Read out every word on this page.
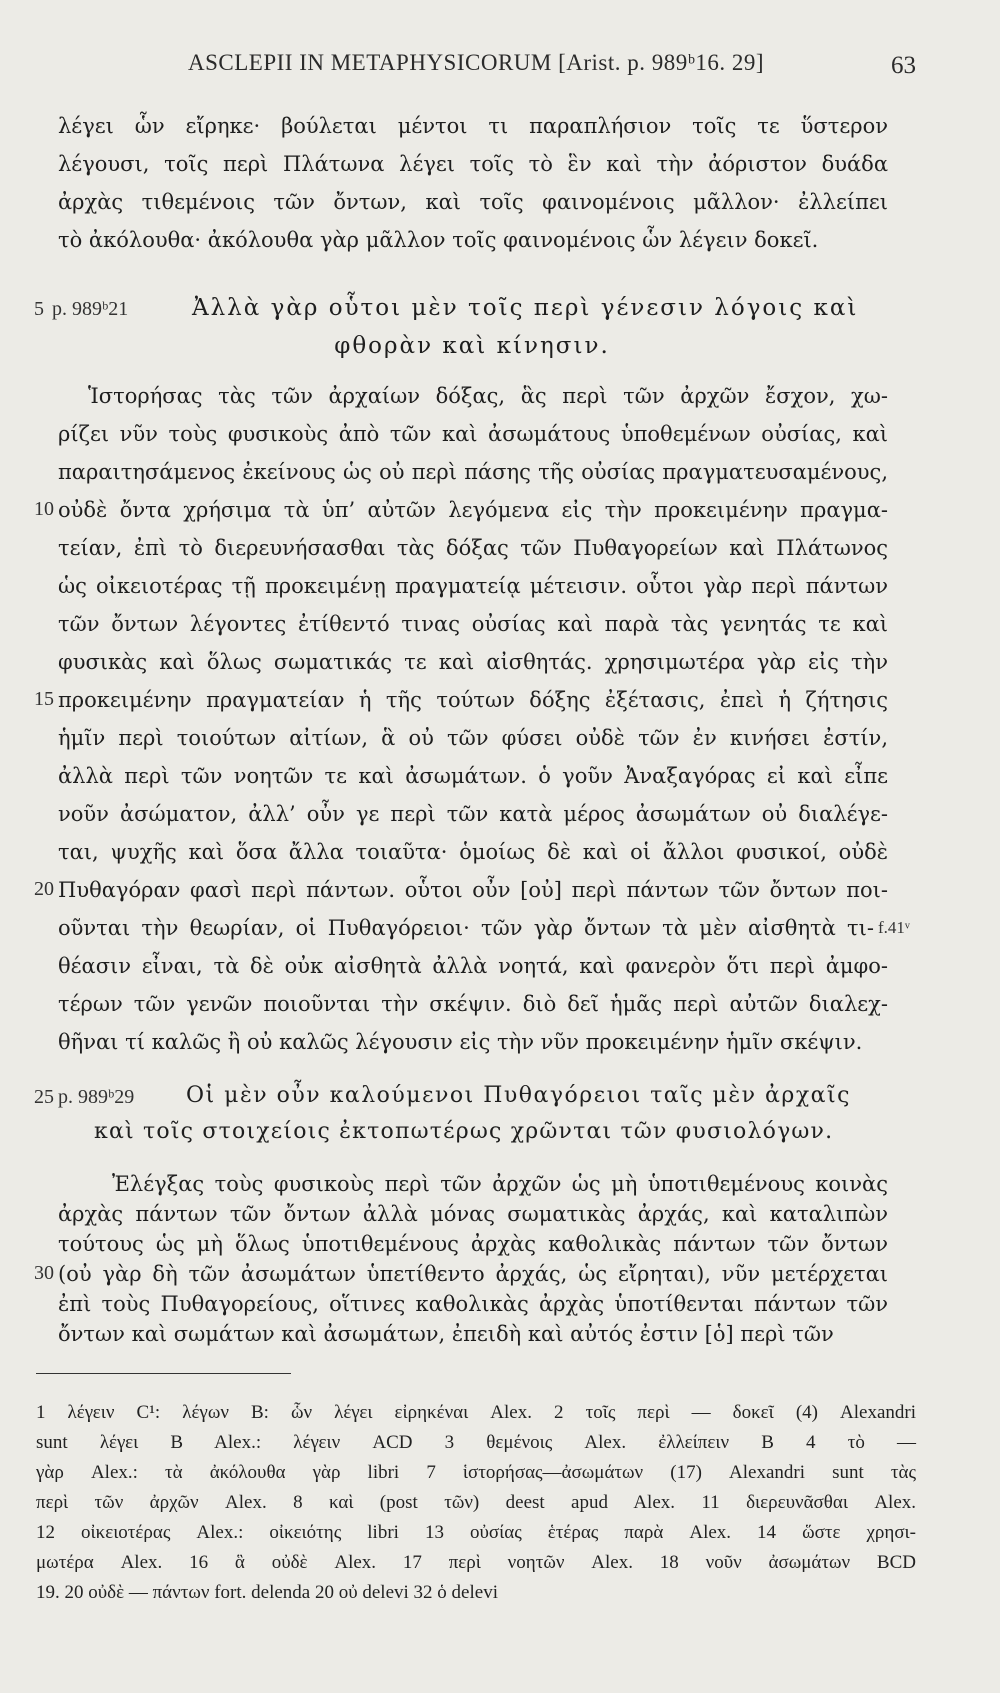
ASCLEPII IN METAPHYSICORUM [Arist. p. 989ᵇ16. 29]	63
λέγει ὧν εἴρηκε· βούλεται μέντοι τι παραπλήσιον τοῖς τε ὕστερον
λέγουσι, τοῖς περὶ Πλάτωνα λέγει τοῖς τὸ ἓν καὶ τὴν ἀόριστον δυάδα
ἀρχὰς τιθεμένοις τῶν ὄντων, καὶ τοῖς φαινομένοις μᾶλλον· ἐλλείπει
τὸ ἀκόλουθα· ἀκόλουθα γὰρ μᾶλλον τοῖς φαινομένοις ὧν λέγειν δοκεῖ.
5 p. 989ᵇ21	Ἀλλὰ γὰρ οὗτοι μὲν τοῖς περὶ γένεσιν λόγοις καὶ
φθορὰν καὶ κίνησιν.
Ἱστορήσας τὰς τῶν ἀρχαίων δόξας, ἃς περὶ τῶν ἀρχῶν ἔσχον, χω-
ρίζει νῦν τοὺς φυσικοὺς ἀπὸ τῶν καὶ ἀσωμάτους ὑποθεμένων οὐσίας, καὶ
παραιτησάμενος ἐκείνους ὡς οὐ περὶ πάσης τῆς οὐσίας πραγματευσαμένους,
10 οὐδὲ ὄντα χρήσιμα τὰ ὑπ’ αὐτῶν λεγόμενα εἰς τὴν προκειμένην πραγμα-
τείαν, ἐπὶ τὸ διερευνήσασθαι τὰς δόξας τῶν Πυθαγορείων καὶ Πλάτωνος
ὡς οἰκειοτέρας τῇ προκειμένῃ πραγματείᾳ μέτεισιν. οὗτοι γὰρ περὶ πάντων
τῶν ὄντων λέγοντες ἐτίθεντό τινας οὐσίας καὶ παρὰ τὰς γενητάς τε καὶ
φυσικὰς καὶ ὅλως σωματικάς τε καὶ αἰσθητάς. χρησιμωτέρα γὰρ εἰς τὴν
15 προκειμένην πραγματείαν ἡ τῆς τούτων δόξης ἐξέτασις, ἐπεὶ ἡ ζήτησις
ἡμῖν περὶ τοιούτων αἰτίων, ἃ οὐ τῶν φύσει οὐδὲ τῶν ἐν κινήσει ἐστίν,
ἀλλὰ περὶ τῶν νοητῶν τε καὶ ἀσωμάτων. ὁ γοῦν Ἀναξαγόρας εἰ καὶ εἶπε
νοῦν ἀσώματον, ἀλλ’ οὖν γε περὶ τῶν κατὰ μέρος ἀσωμάτων οὐ διαλέγε-
ται, ψυχῆς καὶ ὅσα ἄλλα τοιαῦτα· ὁμοίως δὲ καὶ οἱ ἄλλοι φυσικοί, οὐδὲ
20 Πυθαγόραν φασὶ περὶ πάντων. οὗτοι οὖν [οὐ] περὶ πάντων τῶν ὄντων ποι-
οῦνται τὴν θεωρίαν, οἱ Πυθαγόρειοι· τῶν γὰρ ὄντων τὰ μὲν αἰσθητὰ τι- f.41ᵛ
θέασιν εἶναι, τὰ δὲ οὐκ αἰσθητὰ ἀλλὰ νοητά, καὶ φανερὸν ὅτι περὶ ἀμφο-
τέρων τῶν γενῶν ποιοῦνται τὴν σκέψιν. διὸ δεῖ ἡμᾶς περὶ αὐτῶν διαλεχ-
θῆναι τί καλῶς ἢ οὐ καλῶς λέγουσιν εἰς τὴν νῦν προκειμένην ἡμῖν σκέψιν.
25 p. 989ᵇ29 Οἱ μὲν οὖν καλούμενοι Πυθαγόρειοι ταῖς μὲν ἀρχαῖς
καὶ τοῖς στοιχείοις ἐκτοπωτέρως χρῶνται τῶν φυσιολόγων.
Ἐλέγξας τοὺς φυσικοὺς περὶ τῶν ἀρχῶν ὡς μὴ ὑποτιθεμένους κοινὰς
ἀρχὰς πάντων τῶν ὄντων ἀλλὰ μόνας σωματικὰς ἀρχάς, καὶ καταλιπὼν
τούτους ὡς μὴ ὅλως ὑποτιθεμένους ἀρχὰς καθολικὰς πάντων τῶν ὄντων
30 (οὐ γὰρ δὴ τῶν ἀσωμάτων ὑπετίθεντο ἀρχάς, ὡς εἴρηται), νῦν μετέρχεται
1 λέγειν C¹: λέγων B: ὧν λέγει εἰρηκέναι Alex. 2 τοῖς περὶ — δοκεῖ (4) Alexandri
sunt λέγει B Alex.: λέγειν ACD 3 θεμένοις Alex. ἐλλείπειν B 4 τὸ —
γὰρ Alex.: τὰ ἀκόλουθα γὰρ libri 7 ἱστορήσας—ἀσωμάτων (17) Alexandri sunt τὰς
περὶ τῶν ἀρχῶν Alex. 8 καὶ (post τῶν) deest apud Alex. 11 διερευνᾶσθαι Alex.
12 οἰκειοτέρας Alex.: οἰκειότης libri 13 οὐσίας ἑτέρας παρὰ Alex. 14 ὥστε χρησι-
μωτέρα Alex. 16 ἃ οὐδὲ Alex. 17 περὶ νοητῶν Alex. 18 νοῦν ἀσωμάτων BCD
19. 20 οὐδὲ — πάντων fort. delenda 20 οὐ delevi 32 ὁ delevi
ἐπὶ τοὺς Πυθαγορείους, οἵτινες καθολικὰς ἀρχὰς ὑποτίθενται πάντων τῶν
ὄντων καὶ σωμάτων καὶ ἀσωμάτων, ἐπειδὴ καὶ αὐτός ἐστιν [ὁ] περὶ τῶν
